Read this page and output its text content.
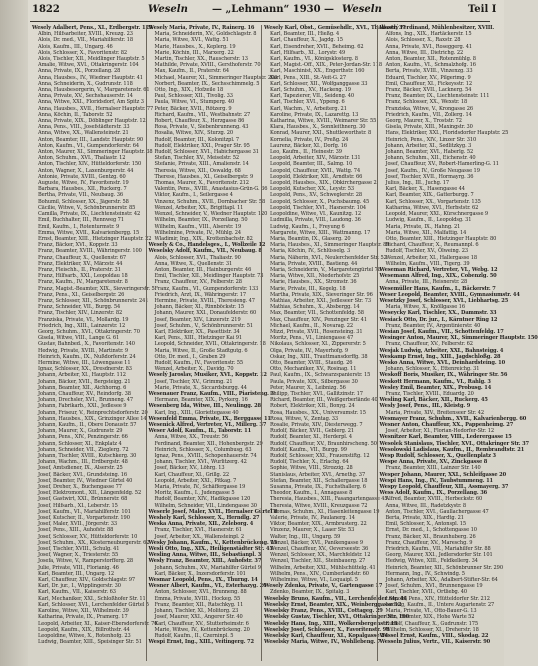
1822	Weseln — „Lehmann“ 1930 — Weseln	Teil I
Wesely Adalbert, Pens., XI., Erdbergstr. 125
Albin, Hilfsarbeiter, XVIII., Kreuzg. 23
Alois, Dr. med., VII., Mariahilferstr. 18
Alois, Kaufm., III., Ungarg. 46
Alois, Schlosser, X., Favoritenstr. 82
Alois, Tischler, XII., Meidlinger Hauptstr. 5
Amalie, Witwe, XVI., Ottakringerstr. 104
Anna, Private, IX., Porzellang. 28
Anna, Hausbes., IV., Wiedner Hauptstr. 41
Anna, Schneiderin, X., Gudrunstr. 118
Anna, Hausbesorgerin, V., Margaretenstr. 61
Anna, Private, XV., Sechshauserstr. 14
Anna, Witwe, XXI., Floridsdorf, Am Spitz 3
Anna, Hausbes., XVII., Hernalser Hauptstr. 77
Anna, Köchin, II., Taborstr. 52
Anna, Private, XIX., Döblinger Hauptstr. 12
Anna, Pens., VIII., Josefstädterstr. 33
Anna, Witwe, XX., Wallensteinstr. 21
Anton, Beamter, III., Landstr. Hauptstr. 90
Anton, Kaufm., VI., Gumpendorferstr. 64
Anton, Maurer, XI., Simmeringer Hauptstr. 38
Anton, Schuhm., XVI., Thaliastr. 12
Anton, Tischler, XIV., Hütteldorferstr. 150
Anton, Wagner, X., Laxenburgerstr. 44
Antonie, Private, XVIII., Gentzg. 60
Auguste, Witwe, IV., Favoritenstr. 19
Barbara, Hausbes., XII., Ruckerg. 7
Bertha, Private, VII., Neubaug. 36
Bohumil, Schlosser, XX., Jägerstr. 58
Cäcilie, Witwe, V., Schönbrunnerstr. 85
Camilla, Private, IX., Liechtensteinstr. 42
Emil, Buchhalter, III., Rennweg 71
Emil, Kaufm., I., Rotenturmstr. 9
Emma, Witwe, XVII., Kalvarienbergg. 15
Ernst, Beamter, XIII., Hietzinger Hauptstr. 22
Franz, Bäcker, XVI., Koppstr. 33
Franz, Beamter, XVIII., Währingerstr. 100
Franz, Chauffeur, X., Quellenstr. 67
Franz, Elektriker, XV., Märzstr. 44
Franz, Fleischh., II., Praterstr. 31
Franz, Hilfsarb., XXI., Leopoldau 18
Franz, Kaufm., IV., Margaretenstr. 8
Franz, Magist.-Beamter, XIX., Sieveringerstr. 5
Franz, Pens., XI., Geiselbergstr. 26
Franz, Schlosser, XII., Schönbrunnerstr. 241
Franz, Schneider, VII., Burgg. 54
Franz, Tischler, XIV., Linzerstr. 82
Franziska, Private, VI., Mollardg. 19
Friedrich, Ing., XIII., Lainzerstr. 12
Georg, Schuhm., XVI., Ottakringerstr. 70
Gisela, Witwe, VIII., Lange G. 61
Gustav, Bahnbed., X., Favoritenstr. 140
Hedwig, Private, XVIII., Martinstr. 9
Heinrich, Kaufm., IX., Nußdorferstr. 24
Hermine, Witwe, III., Löwengasse 11
Ignaz, Schlosser, XX., Dresdnerstr. 83
Johann, Arbeiter, XI., Hauptstr. 112
Johann, Bäcker, XVII., Bergsteigg. 21
Johann, Beamter, XII., Aichhorng. 6
Johann, Chauffeur, XV., Reindorfg. 38
Johann, Drechsler, XVI., Brunneng. 47
Johann, Fabrikarb., XXI., Jedlesee 9
Johann, Friseur, V., Reinprechtsdorferstr. 20
Johann, Hausbes., XIX., Grinzinger Allee 14
Johann, Kaufm., II., Obere Donaustr. 57
Johann, Maurer, X., Gudrunstr. 29
Johann, Pens., XIV., Penzingerstr. 66
Johann, Schlosser, XI., Enkplatz 4
Johann, Schneider, VII., Zieglerg. 72
Johann, Tischler, XVIII., Kutschkerg. 30
Johann, Wachm., III., Erdbergstr. 48
Josef, Amtsdiener, IX., Alserstr. 25
Josef, Bäcker, XVI., Grundsteing. 16
Josef, Beamter, IV., Wiedner Gürtel 40
Josef, Dreher, X., Buchengasse 77
Josef, Elektromont., XII., Längenfeldg. 52
Josef, Gastwirt, XXI., Brünnerstr. 68
Josef, Hilfsarb., XI., Leberstr. 15
Josef, Kaufm., VI., Mariahilferstr. 101
Josef, Kutscher, II., Vorgartenstr. 190
Josef, Maler, XVII., Jörgerstr. 33
Josef, Pens., XIII., Auhofstr. 88
Josef, Schlosser, XV., Hütteldorferstr. 10
Josef, Schuhm., XX., Klosterneuburgerstr. 62
Josef, Tischler, XVIII., Schulg. 41
Josef, Wagner, X., Triesterstr. 55
Josefa, Witwe, V., Ramperstorfferg. 28
Julie, Private, VIII., Florianig. 46
Karl, Beamter, III., Ungarg. 12
Karl, Chauffeur, XIV., Goldschlagstr. 97
Karl, Dr. jur., I., Wipplingerstr. 30
Karl, Kaufm., VII., Kaiserstr. 63
Karl, Mechaniker, XXI., Schloßhofer Str. 11
Karl, Schlosser, XVI., Lerchenfelder Gürtel 5
Karoline, Witwe, XII., Wilhelmstr. 39
Katharina, Private, IX., Pramerg. 17
Leopold, Arbeiter, XI., Kaiser-Ebersdorferstr. 76
Leopold, Kaufm., XIX., Billrothstr. 44
Leopoldine, Witwe, X., Rotenhofg. 23
Ludwig, Beamter, XIII., Speisinger Str. 51
Wesely Maria, Private, IV., Rainerg. 16
Maria, Schneiderin, XV., Goldschlagstr. 8
Maria, Witwe, XVI., Wattg. 51
Marie, Hausbes., X., Keplerg. 19
Marie, Köchin, III., Marxerg. 22
Martin, Tischler, XX., Rauscherstr. 13
Mathilde, Private, XVIII., Gersthoferstr. 70
Max, Kaufm., II., Praterstr. 64
Michael, Maurer, XI., Simmeringer Hauptstr. 200
Norbert, Beamter, IX., Sechsschimmelg. 5
Otto, Ing., XIX., Hofzeile 18
Paul, Schlosser, XII., Tivolig. 33
Paula, Witwe, VI., Stumperg. 40
Peter, Bäcker, XVII., Rötzerg. 9
Richard, Kaufm., VII., Westbahnstr. 27
Robert, Chauffeur, X., Herzgasse 86
Rosa, Private, V., Siebenbrunneng. 43
Rosalia, Witwe, XIV., Sturzg. 20
Rudolf, Beamter, III., Kolonitzpl. 7
Rudolf, Elektriker, XXI., Prager Str. 95
Rudolf, Schlosser, XVI., Habichergasse 31
Stefan, Tischler, XV., Meiselstr. 52
Stefanie, Private, XIII., Amalienstr. 14
Theresia, Witwe, XII., Oswaldg. 68
Therese, Hausbes., XI., Geiselbergstr. 9
Thomas, Maurer, X., Favoritenstr. 212
Valentin, Pens., XVIII., Anastasius-Grün-G. 36
Viktor, Kaufm., I., Seilergasse 4
Vinzenz, Schuhm., XVII., Dornbacher Str. 58
Wenzel, Arbeiter, XX., Brigittapl. 11
Wenzel, Schneider, V., Wiedner Hauptstr. 120
Wilhelm, Beamter, IX., Porzellang. 50
Wilhelm, Kaufm., VIII., Alserstr. 19
Wilhelmine, Private, IV., Mühlg. 24
Wladimir, Ing., XIX., Krottenbachstr. 82
Wesely & Co., Handelsges., I., Wollzeile 12
Weselsky Adolf, Kaufm., VII., Neubaug. 8
Alois, Schlosser, XVI., Thaliastr. 90
Anna, Witwe, X., Quellenstr. 31
Anton, Beamter, III., Hainburgerstr. 46
Emil, Tischler, XII., Meidlinger Hauptstr. 73
Franz, Chauffeur, XV., Felberstr. 28
Franz, Kaufm., VI., Gumpendorferstr. 133
Friedrich, Arzt, IX., Währingerstr. 17
Hermine, Private, XVIII., Theresieng. 47
Johann, Bäcker, XI., Rinnböckstr. 15
Johann, Maurer, XXI., Donaufelderstr. 60
Josef, Beamter, XIV., Linzerstr. 219
Josef, Schuhm., V., Schönbrunnerstr. 51
Karl, Elektriker, XX., Pasettistr. 34
Karl, Pens., XIII., Hietzinger Kai 91
Leopold, Schneider, XVII., Ottakringerstr. 18
Maria, Witwe, II., Große Stadtgutg. 6
Otto, Dr. med., I., Graben 29
Rudolf, Kaufm., IV., Favoritenstr. 55
Wenzel, Arbeiter, X., Davidg. 70
Weselý Jaroslav, Musiker, XVI., Koppstr. 12
Josef, Tischler, XV., Grimmg. 21
Marie, Private, X., Siccardsburgg. 44
Wesenauer Franz, Kaufm., VIII., Piaristeng. 3
Hermann, Beamter, XIX., Pyrkerg. 16
Wesenberg Ida, Witwe, III., Neulingg. 28
Karl, Ing., XIII., Gloriettegasse 40
Wesenfeld Emma, Private, IX., Berggasse 11
Wesenick Alfred, Vertreter, VI., Millerg. 37
Weser Adolf, Kaufm., II., Taborstr. 11
Anna, Witwe, XX., Treustr. 56
Ferdinand, Beamter, XII., Hohenbergstr. 29
Heinrich, Schlosser, X., Columbusg. 63
Ignaz, Pens., XVIII., Schopenhauerstr. 74
Johann, Tischler, XVI., Wurlitzerg. 42
Josef, Bäcker, XV., Löhrg. 13
Karl, Chauffeur, XI., Grillg. 22
Leopold, Arbeiter, XXI., Pitkag. 7
Maria, Private, IV., Schäffergasse 19
Moritz, Kaufm., I., Judengasse 5
Rudolf, Beamter, XIV., Hadikgasse 120
Wilhelm, Schneider, VII., Lindengasse 30
Weserle Josef, Maler, XVII., Hernalser Gürtel 8
Weshely Karl, Schlosser, X., Herndlg. 27
Weska Anna, Private, XII., Zeleborg. 4
Franz, Tischler, XVI., Hasnerstr. 61
Josef, Arbeiter, XX., Wallensteinpl. 2
Wesky Johann, Kaufm., V., Kettenbrückeng. 15
Wesli Otto, Ing., XIX., Heiligenstädter Str. 43
Wesling Anna, Witwe, III., Sebastianpl. 3
Wesly Franz, Beamter, XIII., Auhofstr. 37
Johann, Schuhm., XV., Mariahilfer Gürtel 9
Karl, Bäcker, X., Inzersdorferstr. 101
Wesmar Leopold, Pens., IX., Thurng. 14
Wesner Albert, Kaufm., VI., Esterhazyg. 26
Anton, Schlosser, XVI., Brunneng. 88
Emma, Private, XVIII., Hockeg. 55
Franz, Beamter, XII., Ratschkyg. 11
Johann, Tischler, XI., Molitorg. 23
Josef, Maurer, XXI., Angerer Str. 40
Karl, Chauffeur, XV., Stutterheimstr. 6
Marie, Witwe, IV., Kettenbrückeng. 20
Rudolf, Kaufm., II., Czerninpl. 5
Wespi Ernst, Ing., XIII., Veitingerg. 72
Wesely Karl, Obst., Gemüsehdlr., XVI., Thaliastr. 37
Karl, Beamter, III., Hießg. 4
Karl, Chauffeur, X., Jagdg. 15
Karl, Eisendreher, XVII., Beheimg. 62
Karl, Hilfsarb., XI., Lorystr. 49
Karl, Kaufm., VI., Königsklosterg. 8
Karl, Magist.-Off., XIX., Peter-Jordan-Str. 118
Karl, Maschinist, XX., Engerthstr. 160
Karl, Pens., XIII., St.-Veit-G. 27
Karl, Schlosser, XII., Wolfganggasse 33
Karl, Schuhm., XV., Hackeng. 19
Karl, Tapezierer, VII., Seideng. 40
Karl, Tischler, XVI., Yppeng. 6
Karl, Wachm., V., Arbeiterg. 21
Karoline, Private, IX., Lazarettg. 13
Katharina, Witwe, XVIII., Weimarer Str. 55
Klara, Hausbes., X., Sonnleithnerg. 30
Konrad, Maurer, XXI., Shuttleworthstr. 8
Kornelia, Private, IV., Preßg. 24
Laurenz, Bäcker, XI., Dorfg. 16
Leo, Kaufm., II., Heinestr. 39
Leopold, Arbeiter, XIV., Märzstr. 131
Leopold, Beamter, III., Salmg. 10
Leopold, Chauffeur, XVII., Wattg. 74
Leopold, Elektriker, XII., Arndtstr. 66
Leopold, Hausbes., XIX., Obkirchergasse 2
Leopold, Kutscher, XX., Leystr. 53
Leopold, Pens., XV., Schweglerstr. 28
Leopold, Schlosser, X., Puchsbaumg. 45
Leopold, Tischler, XVI., Hasnerstr. 104
Leopoldine, Witwe, VI., Kaunitzg. 12
Ludmilla, Private, VIII., Laudong. 36
Ludwig, Kaufm., I., Freyung 6
Margarete, Witwe, XIII., Wattmanng. 17
Maria, Beamtin, IX., Glaserg. 20
Maria, Hausbes., XI., Simmeringer Hauptstr. 89
Maria, Köchin, IV., Schlüsselg. 3
Maria, Näherin, XVI., Neulerchenfelder Str. 52
Maria, Private, XVIII., Bastieng. 44
Maria, Schneiderin, V., Margaretengürtel 78
Maria, Witwe, XII., Niederhofstr. 25
Marie, Hausbes., XX., Stromstr. 36
Marie, Private, III., Kegelg. 18
Martha, Private, XIX., Sieveringer Str. 96
Mathias, Arbeiter, XXI., Jedleseer Str. 73
Mathias, Schuhm., X., Absbergg. 14
Max, Beamter, VII., Schottenfeldg. 58
Max, Chauffeur, XIV., Penzinger Str. 41
Michael, Kaufm., II., Novarag. 22
Mizzi, Private, XVII., Rosensteing. 31
Moritz, Pens., VI., Liniengasse 47
Nikolaus, Schlosser, XI., Zippererstr. 5
Olga, Private, IV., Mayerhofg. 9
Oskar, Ing., XIII., Trauttmansdorffg. 38
Otto, Beamter, XVIII., Staudg. 26
Otto, Mechaniker, XV., Rosinag. 11
Paul, Kaufm., IX., Schwarzspanierstr. 15
Paula, Private, XIX., Silbergasse 30
Peter, Maurer, X., Leibnizg. 56
Philipp, Tischler, XVI., Gallitzinstr. 17
Richard, Beamter, III., Weißgerberlände 40
Robert, Elektriker, XII., Bonyg. 24
Rosa, Hausbes., XX., Universumstr. 15
Rosa, Witwe, V., Zentag. 33
Rosalie, Private, XIV., Diesterwegg. 7
Rudolf, Bäcker, XVII., Geblerg. 21
Rudolf, Beamter, XI., Herderpl. 4
Rudolf, Chauffeur, XV., Braunhirscheng. 50
Rudolf, Kaufm., VII., Burgg. 99
Rudolf, Schlosser, XXI., Frauenstiftg. 12
Rudolf, Tischler, X., Erlachg. 64
Sophie, Witwe, VIII., Strozzig. 28
Stanislaus, Arbeiter, XVI., Arnethg. 37
Stefan, Beamter, XII., Schallergasse 18
Susanna, Private, IX., Fuchsthallerg. 6
Theodor, Kaufm., I., Annagasse 8
Theresia, Hausbes., XIII., Fasangartengasse 45
Theresia, Witwe, XVIII., Kreuzgasse 72
Thomas, Schuhm., XI., Hasenleitengasse 19
Valerie, Private, IV., Paulanerg. 14
Viktor, Beamter, XIX., Armbrusterg. 22
Vinzenz, Maurer, X., Laaer Str. 53
Walter, Ing., III., Ungarg. 59
Wenzel, Bäcker, XVI., Panikengasse 9
Wenzel, Chauffeur, XV., Oeverseestr. 36
Wenzel, Schlosser, XX., Marchfeldstr. 12
Wenzel, Tischler, XII., Steinbauerg. 27
Wilhelm, Arbeiter, XXI., Mühlschüttelg. 41
Wilhelm, Pens., XIV., Cumberlandstr. 60
Wilhelmine, Witwe, VI., Loquaipl. 5
Wesely Zdenka, Private, V., Gartengasse 17
Zdenko, Beamter, IX., Spitalg. 3
Weselsky Bruno, Kaufm., VII., Lerchenfelder Str. 44
Weselsky Ernst, Beamter, XIX., Weinberggasse 12
Weselsky Franz, Pens., XVIII., Cottageg. 29
Weselsky Gustav, Tischler, XVI., Ottakringer Str. 190
Weselsky Hans, Ing., XIII., Wolkersbergenstr. 18
Weselsky Josef, Schlosser, X., Favoritenstr. 98
Weselsky Karl, Chauffeur, XI., Kopalgasse 24
Weselsky Maria, Witwe, IV., Wohllebeng. 7
Weselý Ferdinand, Mühlenbesitzer, XVIII.
Alfons, Ing., XIX., Hartäckerstr. 15
Alois, Schlosser, X., Raxstr. 28
Anna, Private, XVI., Roseggerg. 41
Anna, Witwe, III., Dietrichg. 22
Anton, Beamter, XII., Rotenmühlg. 8
Anton, Kaufm., VI., Schmalzhofg. 16
Berta, Private, XVIII., Vinzenzg. 33
Eduard, Tischler, XV., Pilgerimg. 9
Emil, Chauffeur, XI., Fickeysstr. 12
Franz, Bäcker, XVII., Lacknerg. 54
Franz, Beamter, IX., Liechtensteinstr. 111
Franz, Schlosser, XX., Wexstr. 18
Franziska, Witwe, V., Krongasse 26
Friedrich, Kaufm., VII., Zollerg. 14
Georg, Maurer, X., Troststr. 72
Gisela, Private, XIII., Maxingstr. 30
Hans, Elektriker, XXI., Floridsdorfer Hauptstr. 25
Heinrich, Pens., XIV., Linzer Str. 310
Johann, Arbeiter, XI., Sedlitzkyg. 3
Johann, Beamter, XVI., Haberlg. 52
Johann, Schuhm., XII., Eichenstr. 40
Josef, Chauffeur, XV., Robert-Hamerling-G. 11
Josef, Kaufm., IV., Große Neugasse 19
Josef, Tischler, XVII., Hormayrg. 36
Julius, Ing., III., Juchg. 17
Karl, Bäcker, X., Hasengasse 44
Karl, Beamter, XIX., Gatterburgg. 7
Karl, Schlosser, XX., Vorgartenstr. 135
Katharina, Witwe, XVI., Herbststr. 62
Leopold, Maurer, XXI., Kürschnergasse 9
Ludwig, Kaufm., II., Leopoldsg. 31
Maria, Private, IX., Hahng. 21
Maria, Witwe, XII., Malfattig. 14
Otto, Beamter, XIII., Hietzinger Hauptstr. 80
Richard, Chauffeur, X., Reumannpl. 6
Rudolf, Tischler, XV., Ölweing. 23
Wenzel, Arbeiter, XI., Hallergasse 18
Wilhelm, Kaufm., VIII., Tigerg. 39
Weseman Richard, Vertreter, VI., Webg. 12
Wesemann Alfred, Ing., XIX., Cobenzlg. 50
Anna, Private, III., Reisnerstr. 28
Wesemüller Hans, Kaufm., I., Bäckerstr. 7
Weser Leopold, Beamter, XVIII., Gymnasiumstr. 44
Wesetzky Josef, Schlosser, XVI., Liebhartsg. 25
Maria, Witwe, X., Knöllgasse 16
Weseycky Karl, Tischler, XX., Dammstr. 33
Wesiack Otto, Dr. jur., I., Kärntner Ring 12
Franz, Beamter, IV., Argentinierstr. 40
Wesian Josef, Kaufm., VII., Schottenfeldg. 17
Wesinger Anton, Maurer, XI., Simmeringer Hauptstr. 150
Franz, Chauffeur, XV., Felberstr. 62
Wesjak Ludwig, Arbeiter, XXI., Bahnsteigg. 4
Weskamp Ernst, Ing., XIII., Jagdschloßg. 28
Wesko Anna, Witwe, XVI., Deinhardsteing. 10
Johann, Schlosser, X., Ettenreichg. 31
Weskoff Boris, Musiker, IX., Währinger Str. 56
Weskott Hermann, Kaufm., VI., Rahlg. 3
Wesley Emil, Beamter, XIX., Probusg. 14
Franz, Tischler, XVIII., Eduardg. 20
Wesling Karl, Bäcker, XII., Ruckerg. 45
Wesly Josef, Pens., III., Kleistg. 9
Maria, Private, XIV., Breitenseer Str. 42
Wesmayer Franz, Schuhm., XVII., Kalvarienbergg. 60
Wesner Anton, Chauffeur, XX., Pappenheimg. 27
Josef, Arbeiter, XI., Florian-Hedorfer-Str. 12
Wesnitzer Karl, Beamter, VIII., Lederergasse 15
Wesolek Stanislaus, Tischler, XVI., Ottakringer Str. 37
Wesolowski Ladislaus, Kaufm., II., Rembrandtstr. 21
Wesp Rudolf, Schlosser, X., Quellenplatz 3
Wespe Anna, Private, XV., Zinckgasse 8
Franz, Beamter, XIII., Lainzer Str. 140
Wesper Johann, Maurer, XXI., Schleifgasse 20
Wespi Hans, Ing., IV., Taubstummeng. 11
Wespy Leopold, Chauffeur, XII., Assmayerg. 37
Wess Adolf, Kaufm., IX., Porzellang. 36
Alfred, Beamter, XVIII., Herbeckstr. 60
Anna, Witwe, III., Radetzkystr. 8
Anton, Tischler, XVI., Gaullachergasse 47
Berta, Private, XIX., Hardtg. 21
Emil, Schlosser, X., Antonspl. 15
Ernst, Dr. med., I., Schottengasse 10
Franz, Bäcker, XI., Braunhuberg. 26
Franz, Chauffeur, XV., Mareschg. 9
Friedrich, Kaufm., VII., Mariahilfer Str. 88
Georg, Maurer, XXI., Jedlersdorfer Str. 101
Hedwig, Witwe, XIII., Feldkellerg. 34
Heinrich, Beamter, XII., Schönbrunner Str. 290
Hermann, Ing., IV., Schwindg. 5
Johann, Arbeiter, XX., Adalbert-Stifter-Str. 64
Josef, Schuhm., XVI., Brunnengasse 19
Karl, Tischler, XVII., Ortliebg. 40
Leopold, Pens., XIV., Hütteldorfer Str. 212
Ludwig, Kaufm., II., Untere Augartenstr. 27
Maria, Private, VI., Otto-Bauer-G. 13
Otto, Beamter, XIX., Hohe Warte 52
Rudolf, Chauffeur, X., Gudrunstr. 175
Wilhelm, Schlosser, XI., Dreherstr. 18
Wessel Ernst, Kaufm., VIII., Skodag. 22
Wesseln Julius, Vertr., VII., Kaiserstr. 90
